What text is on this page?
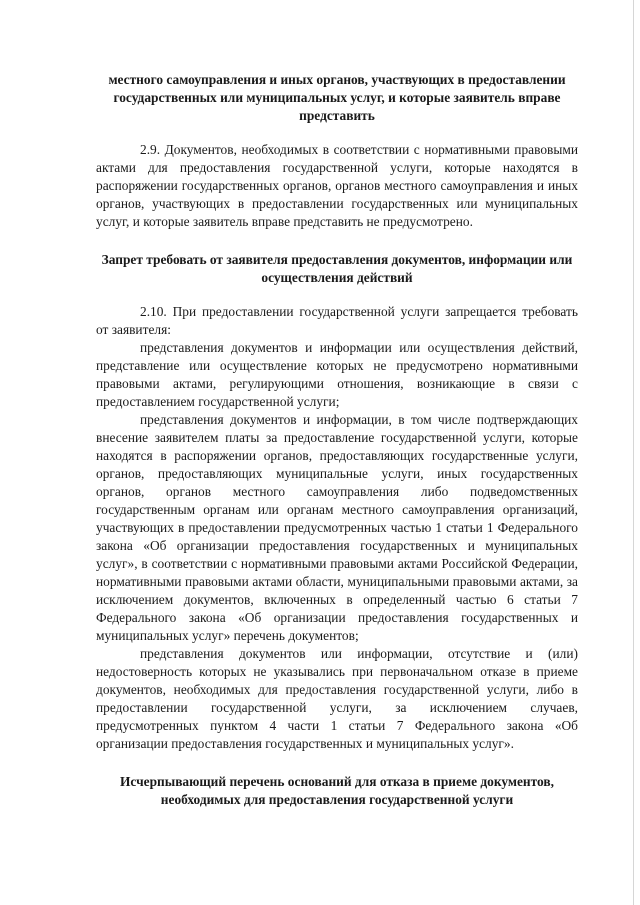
местного самоуправления и иных органов, участвующих в предоставлении государственных или муниципальных услуг, и которые заявитель вправе представить

2.9. Документов, необходимых в соответствии с нормативными правовыми актами для предоставления государственной услуги, которые находятся в распоряжении государственных органов, органов местного самоуправления и иных органов, участвующих в предоставлении государственных или муниципальных услуг, и которые заявитель вправе представить не предусмотрено.

Запрет требовать от заявителя предоставления документов, информации или осуществления действий

2.10. При предоставлении государственной услуги запрещается требовать от заявителя:

представления документов и информации или осуществления действий, представление или осуществление которых не предусмотрено нормативными правовыми актами, регулирующими отношения, возникающие в связи с предоставлением государственной услуги;

представления документов и информации, в том числе подтверждающих внесение заявителем платы за предоставление государственной услуги, которые находятся в распоряжении органов, предоставляющих государственные услуги, органов, предоставляющих муниципальные услуги, иных государственных органов, органов местного самоуправления либо подведомственных государственным органам или органам местного самоуправления организаций, участвующих в предоставлении предусмотренных частью 1 статьи 1 Федерального закона «Об организации предоставления государственных и муниципальных услуг», в соответствии с нормативными правовыми актами Российской Федерации, нормативными правовыми актами области, муниципальными правовыми актами, за исключением документов, включенных в определенный частью 6 статьи 7 Федерального закона «Об организации предоставления государственных и муниципальных услуг» перечень документов;

представления документов или информации, отсутствие и (или) недостоверность которых не указывались при первоначальном отказе в приеме документов, необходимых для предоставления государственной услуги, либо в предоставлении государственной услуги, за исключением случаев, предусмотренных пунктом 4 части 1 статьи 7 Федерального закона «Об организации предоставления государственных и муниципальных услуг».

Исчерпывающий перечень оснований для отказа в приеме документов, необходимых для предоставления государственной услуги
